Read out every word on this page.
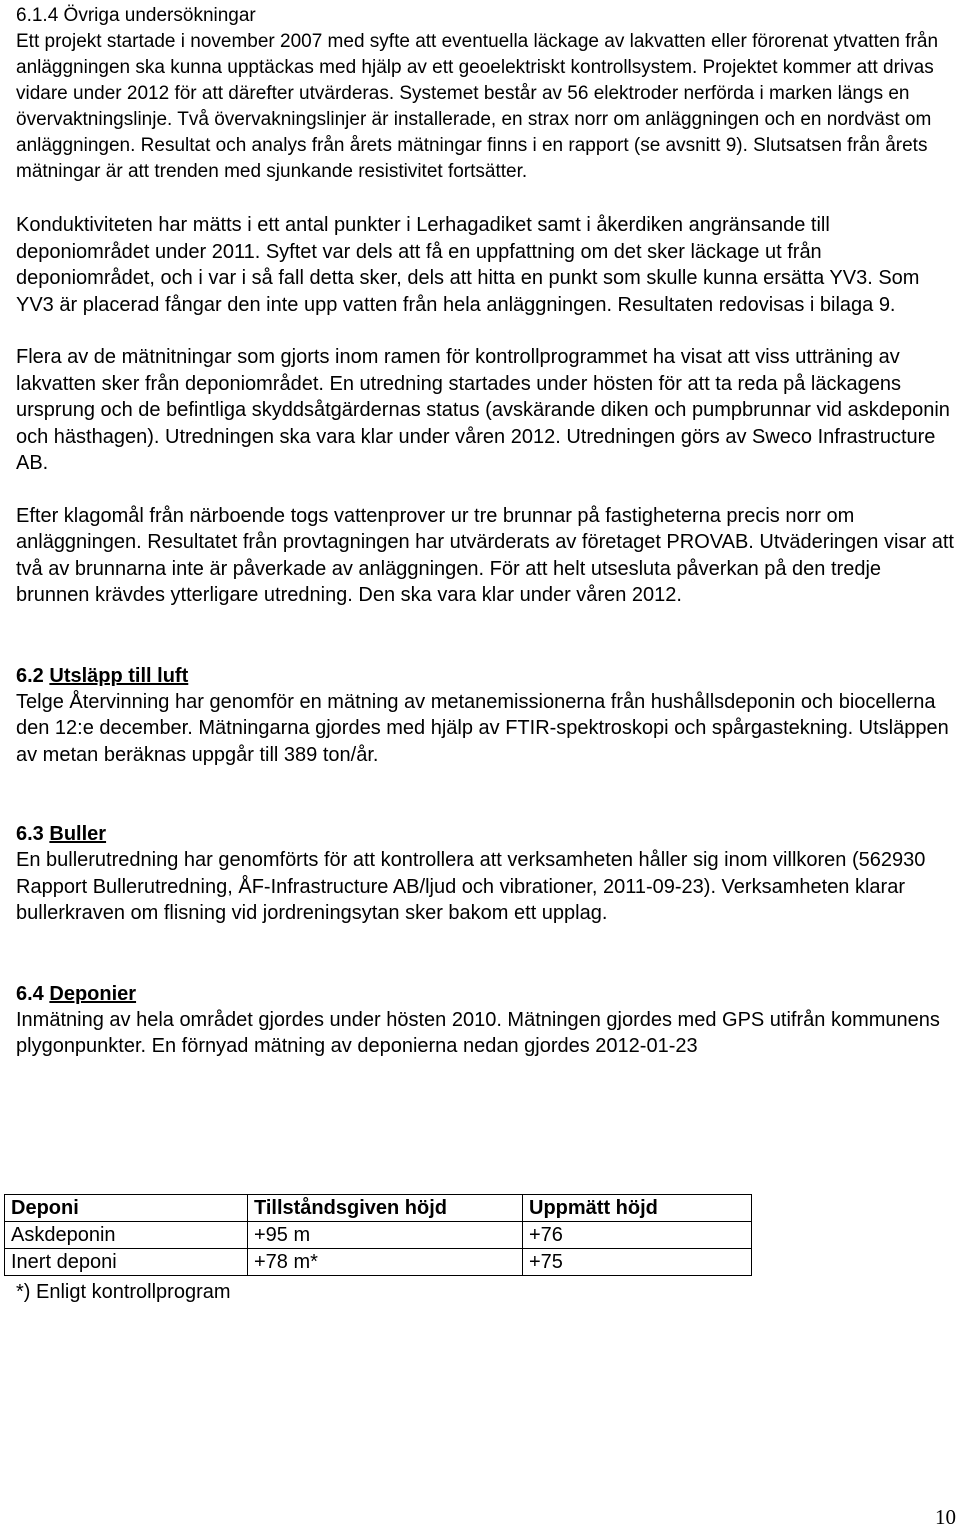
6.1.4 Övriga undersökningar

Ett projekt startade i november 2007 med syfte att eventuella läckage av lakvatten eller förorenat ytvatten från anläggningen ska kunna upptäckas med hjälp av ett geoelektriskt kontrollsystem. Projektet kommer att drivas vidare under 2012 för att därefter utvärderas. Systemet består av 56 elektroder nerförda i marken längs en övervaktningslinje. Två övervakningslinjer är installerade, en strax norr om anläggningen och en nordväst om anläggningen. Resultat och analys från årets mätningar finns i en rapport (se avsnitt 9). Slutsatsen från årets mätningar är att trenden med sjunkande resistivitet fortsätter.

Konduktiviteten har mätts i ett antal punkter i Lerhagadiket samt i åkerdiken angränsande till deponiområdet under 2011. Syftet var dels att få en uppfattning om det sker läckage ut från deponiområdet, och i var i så fall detta sker, dels att hitta en punkt som skulle kunna ersätta YV3. Som YV3 är placerad fångar den inte upp vatten från hela anläggningen. Resultaten redovisas i bilaga 9.

Flera av de mätnitningar som gjorts inom ramen för kontrollprogrammet ha visat att viss utträning av lakvatten sker från deponiområdet. En utredning startades under hösten för att ta reda på läckagens ursprung och de befintliga skyddsåtgärdernas status (avskärande diken och pumpbrunnar vid askdeponin och hästhagen). Utredningen ska vara klar under våren 2012. Utredningen görs av Sweco Infrastructure AB.

Efter klagomål från närboende togs vattenprover ur tre brunnar på fastigheterna precis norr om anläggningen. Resultatet från provtagningen har utvärderats av företaget PROVAB. Utväderingen visar att två av brunnarna inte är påverkade av anläggningen. För att helt utsesluta påverkan på den tredje brunnen krävdes ytterligare utredning. Den ska vara klar under våren 2012.

6.2 Utsläpp till luft

Telge Återvinning har genomför en mätning av metanemissionerna från hushållsdeponin och biocellerna den 12:e december. Mätningarna gjordes med hjälp av FTIR-spektroskopi och spårgastekning. Utsläppen av metan beräknas uppgår till 389 ton/år.

6.3 Buller

En bullerutredning har genomförts för att kontrollera att verksamheten håller sig inom villkoren (562930 Rapport Bullerutredning, ÅF-Infrastructure AB/ljud och vibrationer, 2011-09-23). Verksamheten klarar bullerkraven om flisning vid jordreningsytan sker bakom ett upplag.

6.4 Deponier

Inmätning av hela området gjordes under hösten 2010. Mätningen gjordes med GPS utifrån kommunens plygonpunkter. En förnyad mätning av deponierna nedan gjordes 2012-01-23

Deponi	Tillståndsgiven höjd	Uppmätt höjd
Askdeponin	+95 m	+76
Inert deponi	+78 m*	+75
*) Enligt kontrollprogram
10
